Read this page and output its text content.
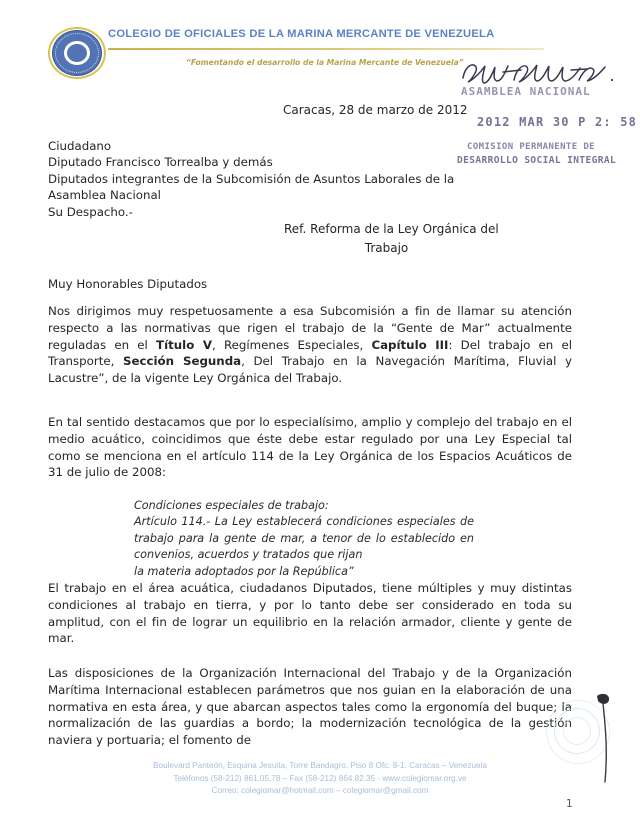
COLEGIO DE OFICIALES DE LA MARINA MERCANTE DE VENEZUELA
“Fomentando el desarrollo de la Marina Mercante de Venezuela”
ASAMBLEA NACIONAL
2012 MAR 30 P 2: 58
COMISION PERMANENTE DE
DESARROLLO SOCIAL INTEGRAL
Caracas, 28 de marzo de 2012
Ciudadano
Diputado Francisco Torrealba y demás
Diputados integrantes de la Subcomisión de Asuntos Laborales de la
Asamblea Nacional
Su Despacho.-
Ref. Reforma de la Ley Orgánica del
Trabajo
Muy Honorables Diputados
Nos dirigimos muy respetuosamente a esa Subcomisión a fin de llamar su atención respecto a las normativas que rigen el trabajo de la “Gente de Mar” actualmente reguladas en el Título V, Regímenes Especiales, Capítulo III: Del trabajo en el Transporte, Sección Segunda, Del Trabajo en la Navegación Marítima, Fluvial y Lacustre”, de la vigente Ley Orgánica del Trabajo.
En tal sentido destacamos que por lo especialísimo, amplio y complejo del trabajo en el medio acuático, coincidimos que éste debe estar regulado por una Ley Especial tal como se menciona en el artículo 114 de la Ley Orgánica de los Espacios Acuáticos de 31 de julio de 2008:
Condiciones especiales de trabajo:
Artículo 114.- La Ley establecerá condiciones especiales de trabajo para la gente de mar, a tenor de lo establecido en convenios, acuerdos y tratados que rijan
la materia adoptados por la República”
El trabajo en el área acuática, ciudadanos Diputados, tiene múltiples y muy distintas condiciones al trabajo en tierra, y por lo tanto debe ser considerado en toda su amplitud, con el fin de lograr un equilibrio en la relación armador, cliente y gente de mar.
Las disposiciones de la Organización Internacional del Trabajo y de la Organización Marítima Internacional establecen parámetros que nos guian en la elaboración de una normativa en esta área, y que abarcan aspectos tales como la ergonomía del buque; la normalización de las guardias a bordo; la modernización tecnológica de la gestión naviera y portuaria; el fomento de
Boulevard Panteón, Esquina Jesuita, Torre Bandagro. Piso 8 Ofc. 8-1. Caracas – Venezuela
Teléfonos (58-212) 861.05.78 – Fax (58-212) 864.82.35 - www.colegiomar.org.ve
Correo: colegiomar@hotmail.com – colegiomar@gmail.com
1
